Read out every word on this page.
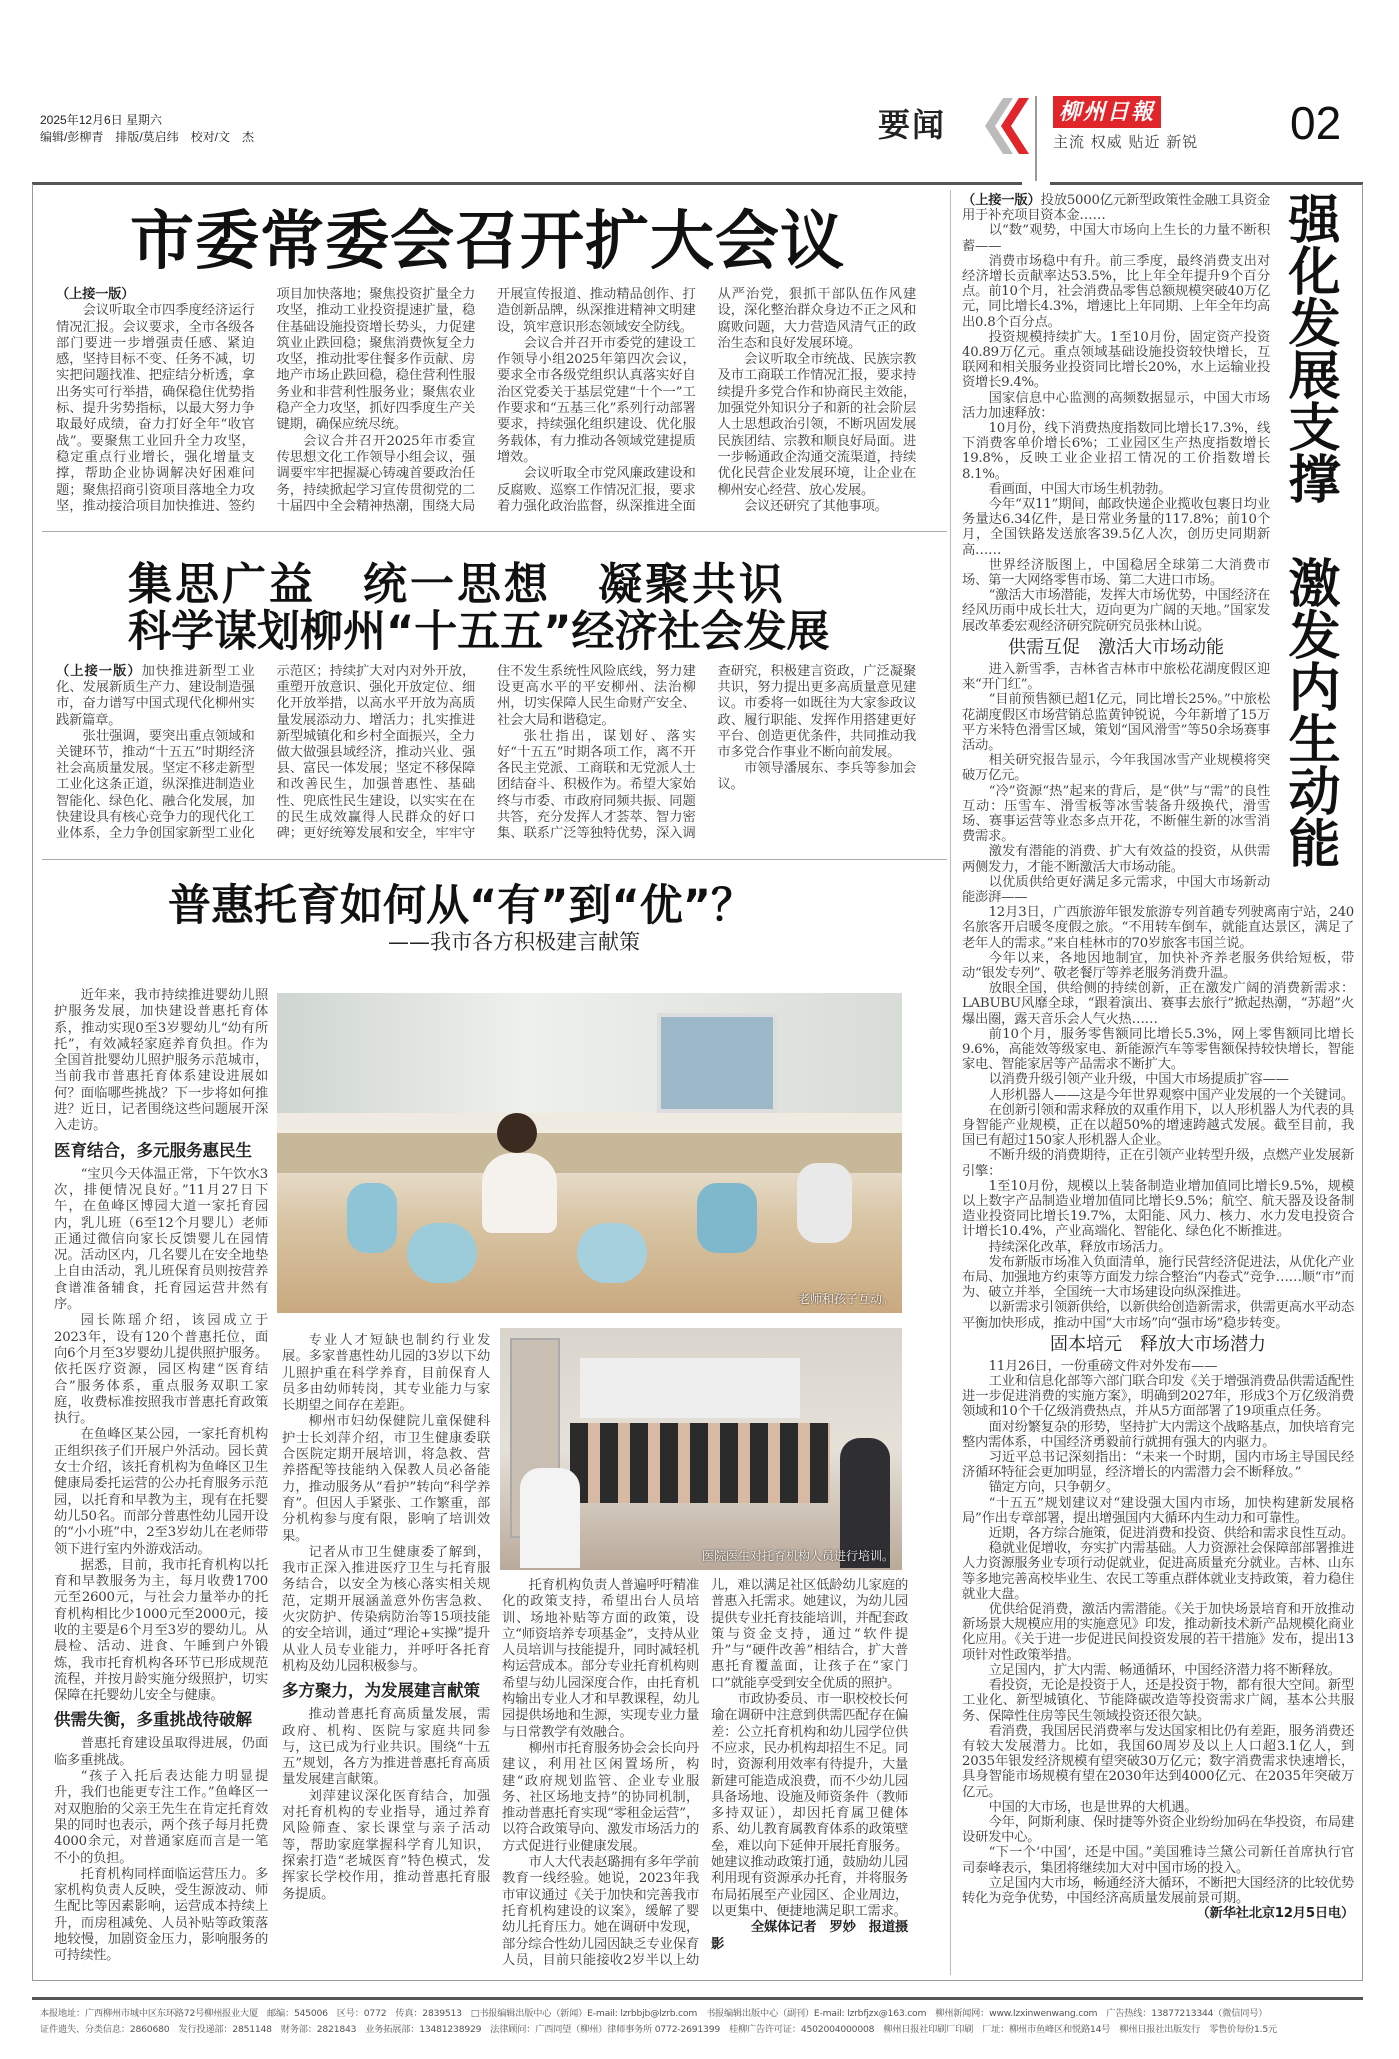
2025年12月6日 星期六
编辑/彭柳青　排版/莫启纬　校对/文　杰	要闻	柳州日報
主流 权威 贴近 新锐 02
市委常委会召开扩大会议

（上接一版）

会议听取全市四季度经济运行情况汇报。会议要求，全市各级各部门要进一步增强责任感、紧迫感，坚持目标不变、任务不减，切实把问题找准、把症结分析透，拿出务实可行举措，确保稳住优势指标、提升劣势指标，以最大努力争取最好成绩，奋力打好全年“收官战”。要聚焦工业回升全力攻坚，稳定重点行业增长，强化增量支撑，帮助企业协调解决好困难问题；聚焦招商引资项目落地全力攻坚，推动接洽项目加快推进、签约项目加快落地；聚焦投资扩量全力攻坚，推动工业投资提速扩量，稳住基础设施投资增长势头，力促建筑业止跌回稳；聚焦消费恢复全力攻坚，推动批零住餐多作贡献、房地产市场止跌回稳，稳住营利性服务业和非营利性服务业；聚焦农业稳产全力攻坚，抓好四季度生产关键期，确保应统尽统。

会议合并召开2025年市委宣传思想文化工作领导小组会议，强调要牢牢把握凝心铸魂首要政治任务，持续掀起学习宣传贯彻党的二十届四中全会精神热潮，围绕大局开展宣传报道、推动精品创作、打造创新品牌，纵深推进精神文明建设，筑牢意识形态领域安全防线。

会议合并召开市委党的建设工作领导小组2025年第四次会议，要求全市各级党组织认真落实好自治区党委关于基层党建“十个一”工作要求和“五基三化”系列行动部署要求，持续强化组织建设、优化服务载体，有力推动各领域党建提质增效。

会议听取全市党风廉政建设和反腐败、巡察工作情况汇报，要求着力强化政治监督，纵深推进全面从严治党，狠抓干部队伍作风建设，深化整治群众身边不正之风和腐败问题，大力营造风清气正的政治生态和良好发展环境。

会议听取全市统战、民族宗教及市工商联工作情况汇报，要求持续提升多党合作和协商民主效能，加强党外知识分子和新的社会阶层人士思想政治引领，不断巩固发展民族团结、宗教和顺良好局面。进一步畅通政企沟通交流渠道，持续优化民营企业发展环境，让企业在柳州安心经营、放心发展。

会议还研究了其他事项。

集思广益　统一思想　凝聚共识
科学谋划柳州“十五五”经济社会发展

（上接一版）加快推进新型工业化、发展新质生产力、建设制造强市，奋力谱写中国式现代化柳州实践新篇章。

张壮强调，要突出重点领域和关键环节，推动“十五五”时期经济社会高质量发展。坚定不移走新型工业化这条正道，纵深推进制造业智能化、绿色化、融合化发展，加快建设具有核心竞争力的现代化工业体系，全力争创国家新型工业化示范区；持续扩大对内对外开放，重塑开放意识、强化开放定位、细化开放举措，以高水平开放为高质量发展添动力、增活力；扎实推进新型城镇化和乡村全面振兴，全力做大做强县域经济，推动兴业、强县、富民一体发展；坚定不移保障和改善民生，加强普惠性、基础性、兜底性民生建设，以实实在在的民生成效赢得人民群众的好口碑；更好统筹发展和安全，牢牢守住不发生系统性风险底线，努力建设更高水平的平安柳州、法治柳州，切实保障人民生命财产安全、社会大局和谐稳定。

张壮指出，谋划好、落实好“十五五”时期各项工作，离不开各民主党派、工商联和无党派人士团结奋斗、积极作为。希望大家始终与市委、市政府同频共振、同题共答，充分发挥人才荟萃、智力密集、联系广泛等独特优势，深入调查研究，积极建言资政，广泛凝聚共识，努力提出更多高质量意见建议。市委将一如既往为大家参政议政、履行职能、发挥作用搭建更好平台、创造更优条件，共同推动我市多党合作事业不断向前发展。

市领导潘展东、李兵等参加会议。

普惠托育如何从“有”到“优”？
——我市各方积极建言献策

近年来，我市持续推进婴幼儿照护服务发展，加快建设普惠托育体系，推动实现0至3岁婴幼儿“幼有所托”，有效减轻家庭养育负担。作为全国首批婴幼儿照护服务示范城市，当前我市普惠托育体系建设进展如何？面临哪些挑战？下一步将如何推进？近日，记者围绕这些问题展开深入走访。

医育结合，多元服务惠民生

“宝贝今天体温正常，下午饮水3次，排便情况良好。”11月27日下午，在鱼峰区博园大道一家托育园内，乳儿班（6至12个月婴儿）老师正通过微信向家长反馈婴儿在园情况。活动区内，几名婴儿在安全地垫上自由活动，乳儿班保育员则按营养食谱准备辅食，托育园运营井然有序。

园长陈瑶介绍，该园成立于2023年，设有120个普惠托位，面向6个月至3岁婴幼儿提供照护服务。依托医疗资源，园区构建“医育结合”服务体系，重点服务双职工家庭，收费标准按照我市普惠托育政策执行。

在鱼峰区某公园，一家托育机构正组织孩子们开展户外活动。园长黄女士介绍，该托育机构为鱼峰区卫生健康局委托运营的公办托育服务示范园，以托育和早教为主，现有在托婴幼儿50名。而部分普惠性幼儿园开设的“小小班”中，2至3岁幼儿在老师带领下进行室内外游戏活动。

据悉，目前，我市托育机构以托育和早教服务为主，每月收费1700元至2600元，与社会力量举办的托育机构相比少1000元至2000元，接收的主要是6个月至3岁的婴幼儿。从晨检、活动、进食、午睡到户外锻炼，我市托育机构各环节已形成规范流程，并按月龄实施分级照护，切实保障在托婴幼儿安全与健康。

供需失衡，多重挑战待破解

普惠托育建设虽取得进展，仍面临多重挑战。

“孩子入托后表达能力明显提升，我们也能更专注工作。”鱼峰区一对双胞胎的父亲王先生在肯定托育效果的同时也表示，两个孩子每月托费4000余元，对普通家庭而言是一笔不小的负担。

托育机构同样面临运营压力。多家机构负责人反映，受生源波动、师生配比等因素影响，运营成本持续上升，而房租减免、人员补贴等政策落地较慢，加剧资金压力，影响服务的可持续性。

老师和孩子互动。

专业人才短缺也制约行业发展。多家普惠性幼儿园的3岁以下幼儿照护重在科学养育，目前保育人员多由幼师转岗，其专业能力与家长期望之间存在差距。

柳州市妇幼保健院儿童保健科护士长刘萍介绍，市卫生健康委联合医院定期开展培训，将急救、营养搭配等技能纳入保教人员必备能力，推动服务从“看护”转向“科学养育”。但因人手紧张、工作繁重，部分机构参与度有限，影响了培训效果。

记者从市卫生健康委了解到，我市正深入推进医疗卫生与托育服务结合，以安全为核心落实相关规范，定期开展涵盖意外伤害急救、火灾防护、传染病防治等15项技能的安全培训，通过“理论+实操”提升从业人员专业能力，并呼吁各托育机构及幼儿园积极参与。

多方聚力，为发展建言献策

推动普惠托育高质量发展，需政府、机构、医院与家庭共同参与，这已成为行业共识。围绕“十五五”规划，各方为推进普惠托育高质量发展建言献策。

刘萍建议深化医育结合，加强对托育机构的专业指导，通过养育风险筛查、家长课堂与亲子活动等，帮助家庭掌握科学育儿知识，探索打造“老城医育”特色模式，发挥家长学校作用，推动普惠托育服务提质。

医院医生对托育机构人员进行培训。

托育机构负责人普遍呼吁精准化的政策支持，希望出台人员培训、场地补贴等方面的政策，设立“师资培养专项基金”，支持从业人员培训与技能提升，同时减轻机构运营成本。部分专业托育机构则希望与幼儿园深度合作，由托育机构输出专业人才和早教课程，幼儿园提供场地和生源，实现专业力量与日常教学有效融合。

柳州市托育服务协会会长向丹建议，利用社区闲置场所，构建“政府规划监管、企业专业服务、社区场地支持”的协同机制，推动普惠托育实现“零租金运营”，以符合政策导向、激发市场活力的方式促进行业健康发展。

市人大代表赵璐拥有多年学前教育一线经验。她说，2023年我市审议通过《关于加快和完善我市托育机构建设的议案》，缓解了婴幼儿托育压力。她在调研中发现，部分综合性幼儿园因缺乏专业保育人员，目前只能接收2岁半以上幼儿，难以满足社区低龄幼儿家庭的普惠入托需求。她建议，为幼儿园提供专业托育技能培训，并配套政策与资金支持，通过“软件提升”与“硬件改善”相结合，扩大普惠托育覆盖面，让孩子在“家门口”就能享受到安全优质的照护。

市政协委员、市一职校校长何瑜在调研中注意到供需匹配存在偏差：公立托育机构和幼儿园学位供不应求，民办机构却招生不足。同时，资源利用效率有待提升，大量新建可能造成浪费，而不少幼儿园具备场地、设施及师资条件（教师多持双证），却因托育属卫健体系、幼儿教育属教育体系的政策壁垒，难以向下延伸开展托育服务。她建议推动政策打通，鼓励幼儿园利用现有资源承办托育，并将服务布局拓展至产业园区、企业周边，以更集中、便捷地满足职工需求。

全媒体记者　罗妙　报道摄影

（上接一版）投放5000亿元新型政策性金融工具资金用于补充项目资本金……

以“数”观势，中国大市场向上生长的力量不断积蓄——

消费市场稳中有升。前三季度，最终消费支出对经济增长贡献率达53.5%，比上年全年提升9个百分点。前10个月，社会消费品零售总额规模突破40万亿元，同比增长4.3%，增速比上年同期、上年全年均高出0.8个百分点。

投资规模持续扩大。1至10月份，固定资产投资40.89万亿元。重点领域基础设施投资较快增长，互联网和相关服务业投资同比增长20%，水上运输业投资增长9.4%。

国家信息中心监测的高频数据显示，中国大市场活力加速释放：

10月份，线下消费热度指数同比增长17.3%，线下消费客单价增长6%；工业园区生产热度指数增长19.8%，反映工业企业招工情况的工价指数增长8.1%。

看画面，中国大市场生机勃勃。

今年“双11”期间，邮政快递企业揽收包裹日均业务量达6.34亿件，是日常业务量的117.8%；前10个月，全国铁路发送旅客39.5亿人次，创历史同期新高……

世界经济版图上，中国稳居全球第二大消费市场、第一大网络零售市场、第二大进口市场。

“激活大市场潜能，发挥大市场优势，中国经济在经风历雨中成长壮大，迈向更为广阔的天地。”国家发展改革委宏观经济研究院研究员张林山说。

供需互促　激活大市场动能

进入新雪季，吉林省吉林市中旅松花湖度假区迎来“开门红”。

“目前预售额已超1亿元，同比增长25%。”中旅松花湖度假区市场营销总监黄钟锐说，今年新增了15万平方米特色滑雪区域，策划“国风滑雪”等50余场赛事活动。

相关研究报告显示，今年我国冰雪产业规模将突破万亿元。

“冷”资源“热”起来的背后，是“供”与“需”的良性互动：压雪车、滑雪板等冰雪装备升级换代，滑雪场、赛事运营等业态多点开花，不断催生新的冰雪消费需求。

激发有潜能的消费、扩大有效益的投资，从供需两侧发力，才能不断激活大市场动能。

以优质供给更好满足多元需求，中国大市场新动能澎湃——

12月3日，广西旅游年银发旅游专列首趟专列驶离南宁站，240名旅客开启暖冬度假之旅。“不用转车倒车，就能直达景区，满足了老年人的需求。”来自桂林市的70岁旅客韦国兰说。

今年以来，各地因地制宜，加快补齐养老服务供给短板，带动“银发专列”、敬老餐厅等养老服务消费升温。

放眼全国，供给侧的持续创新，正在激发广阔的消费新需求：LABUBU风靡全球，“跟着演出、赛事去旅行”掀起热潮，“苏超”火爆出圈，露天音乐会人气火热……

前10个月，服务零售额同比增长5.3%，网上零售额同比增长9.6%，高能效等级家电、新能源汽车等零售额保持较快增长，智能家电、智能家居等产品需求不断扩大。

以消费升级引领产业升级，中国大市场提质扩容——

人形机器人——这是今年世界观察中国产业发展的一个关键词。

在创新引领和需求释放的双重作用下，以人形机器人为代表的具身智能产业规模，正在以超50%的增速跨越式发展。截至目前，我国已有超过150家人形机器人企业。

不断升级的消费期待，正在引领产业转型升级，点燃产业发展新引擎：

1至10月份，规模以上装备制造业增加值同比增长9.5%，规模以上数字产品制造业增加值同比增长9.5%；航空、航天器及设备制造业投资同比增长19.7%，太阳能、风力、核力、水力发电投资合计增长10.4%，产业高端化、智能化、绿色化不断推进。

持续深化改革，释放市场活力。

发布新版市场准入负面清单，施行民营经济促进法，从优化产业布局、加强地方约束等方面发力综合整治“内卷式”竞争……顺“市”而为、破立并举，全国统一大市场建设向纵深推进。

以新需求引领新供给，以新供给创造新需求，供需更高水平动态平衡加快形成，推动中国“大市场”向“强市场”稳步转变。

固本培元　释放大市场潜力

11月26日，一份重磅文件对外发布——

工业和信息化部等六部门联合印发《关于增强消费品供需适配性进一步促进消费的实施方案》，明确到2027年，形成3个万亿级消费领域和10个千亿级消费热点，并从5方面部署了19项重点任务。

面对纷繁复杂的形势，坚持扩大内需这个战略基点，加快培育完整内需体系，中国经济勇毅前行就拥有强大的内驱力。

习近平总书记深刻指出：“未来一个时期，国内市场主导国民经济循环特征会更加明显，经济增长的内需潜力会不断释放。”

锚定方向，只争朝夕。

“十五五”规划建议对“建设强大国内市场，加快构建新发展格局”作出专章部署，提出增强国内大循环内生动力和可靠性。

近期，各方综合施策，促进消费和投资、供给和需求良性互动。

稳就业促增收，夯实扩内需基础。人力资源社会保障部部署推进人力资源服务业专项行动促就业，促进高质量充分就业。吉林、山东等多地完善高校毕业生、农民工等重点群体就业支持政策，着力稳住就业大盘。

优供给促消费，激活内需潜能。《关于加快场景培育和开放推动新场景大规模应用的实施意见》印发，推动新技术新产品规模化商业化应用。《关于进一步促进民间投资发展的若干措施》发布，提出13项针对性政策举措。

立足国内，扩大内需、畅通循环，中国经济潜力将不断释放。

看投资，无论是投资于人，还是投资于物，都有很大空间。新型工业化、新型城镇化、节能降碳改造等投资需求广阔，基本公共服务、保障性住房等民生领域投资还很欠缺。

看消费，我国居民消费率与发达国家相比仍有差距，服务消费还有较大发展潜力。比如，我国60周岁及以上人口超3.1亿人，到2035年银发经济规模有望突破30万亿元；数字消费需求快速增长，具身智能市场规模有望在2030年达到4000亿元、在2035年突破万亿元。

中国的大市场，也是世界的大机遇。

今年，阿斯利康、保时捷等外资企业纷纷加码在华投资，布局建设研发中心。

“下一个‘中国’，还是中国。”美国雅诗兰黛公司新任首席执行官司泰峰表示，集团将继续加大对中国市场的投入。

立足国内大市场，畅通经济大循环，不断把大国经济的比较优势转化为竞争优势，中国经济高质量发展前景可期。

（新华社北京12月5日电）

强化发展支撑　激发内生动能
本报地址：广西柳州市城中区东环路72号柳州报业大厦　邮编：545006　区号：0772　传真：2839513　□书报编辑出版中心（新闻）E-mail: lzrbbjb@lzrb.com　书报编辑出版中心（副刊）E-mail: lzrbfjzx@163.com　柳州新闻网：www.lzxinwenwang.com　广告热线：13877213344（微信同号）
证件遗失、分类信息：2860680　发行投递部：2851148　财务部：2821843　业务拓展部：13481238929　法律顾问：广西同望（柳州）律师事务所 0772-2691399　桂柳广告许可证：4502004000008　柳州日报社印刷厂印刷　厂址：柳州市鱼峰区和悦路14号　柳州日报社出版发行　零售价每份1.5元
